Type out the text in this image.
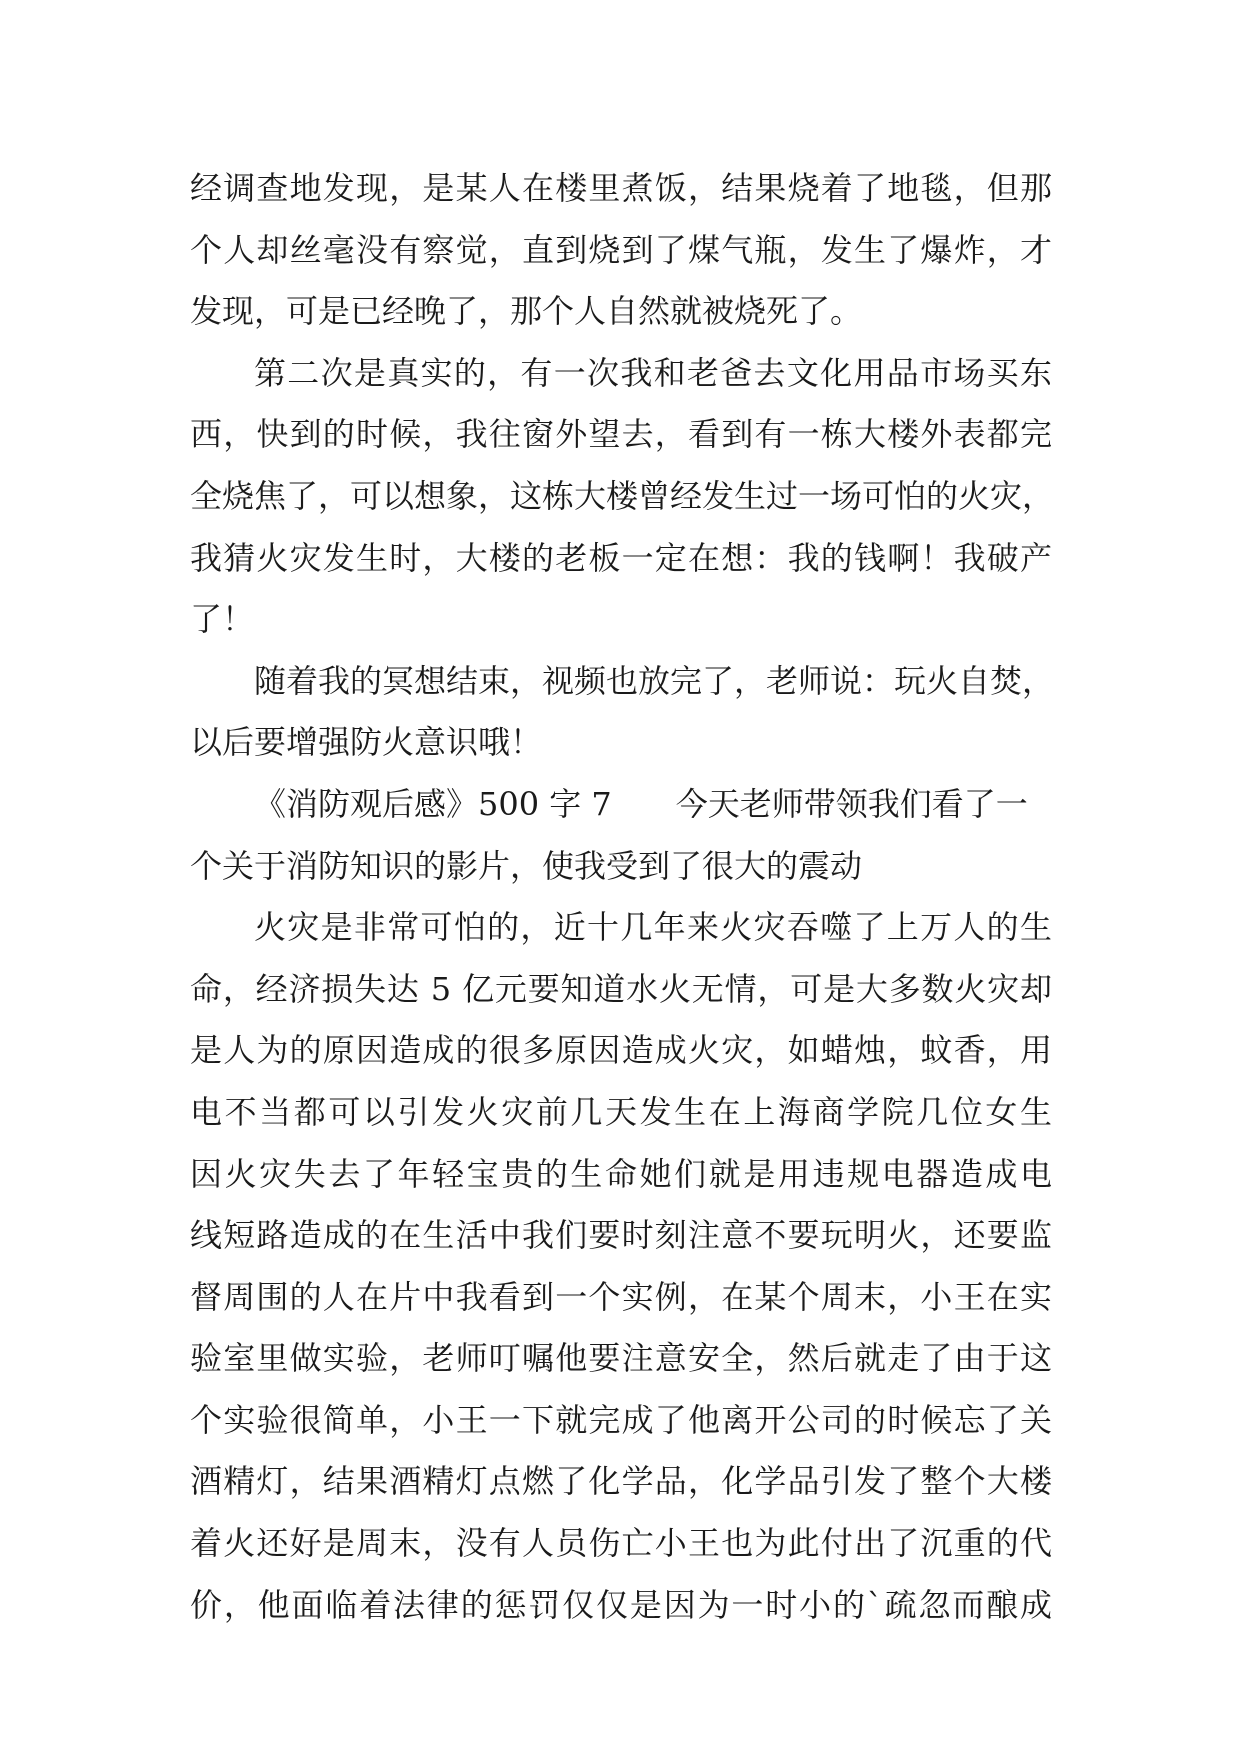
经调查地发现，是某人在楼里煮饭，结果烧着了地毯，但那
个人却丝毫没有察觉，直到烧到了煤气瓶，发生了爆炸，才
发现，可是已经晚了，那个人自然就被烧死了。
第二次是真实的，有一次我和老爸去文化用品市场买东
西，快到的时候，我往窗外望去，看到有一栋大楼外表都完
全烧焦了，可以想象，这栋大楼曾经发生过一场可怕的火灾，
我猜火灾发生时，大楼的老板一定在想：我的钱啊！我破产
了！
随着我的冥想结束，视频也放完了，老师说：玩火自焚，
以后要增强防火意识哦！
《消防观后感》500 字 7　　今天老师带领我们看了一
个关于消防知识的影片，使我受到了很大的震动
火灾是非常可怕的，近十几年来火灾吞噬了上万人的生
命，经济损失达 5 亿元要知道水火无情，可是大多数火灾却
是人为的原因造成的很多原因造成火灾，如蜡烛，蚊香，用
电不当都可以引发火灾前几天发生在上海商学院几位女生
因火灾失去了年轻宝贵的生命她们就是用违规电器造成电
线短路造成的在生活中我们要时刻注意不要玩明火，还要监
督周围的人在片中我看到一个实例，在某个周末，小王在实
验室里做实验，老师叮嘱他要注意安全，然后就走了由于这
个实验很简单，小王一下就完成了他离开公司的时候忘了关
酒精灯，结果酒精灯点燃了化学品，化学品引发了整个大楼
着火还好是周末，没有人员伤亡小王也为此付出了沉重的代
价，他面临着法律的惩罚仅仅是因为一时小的`疏忽而酿成
